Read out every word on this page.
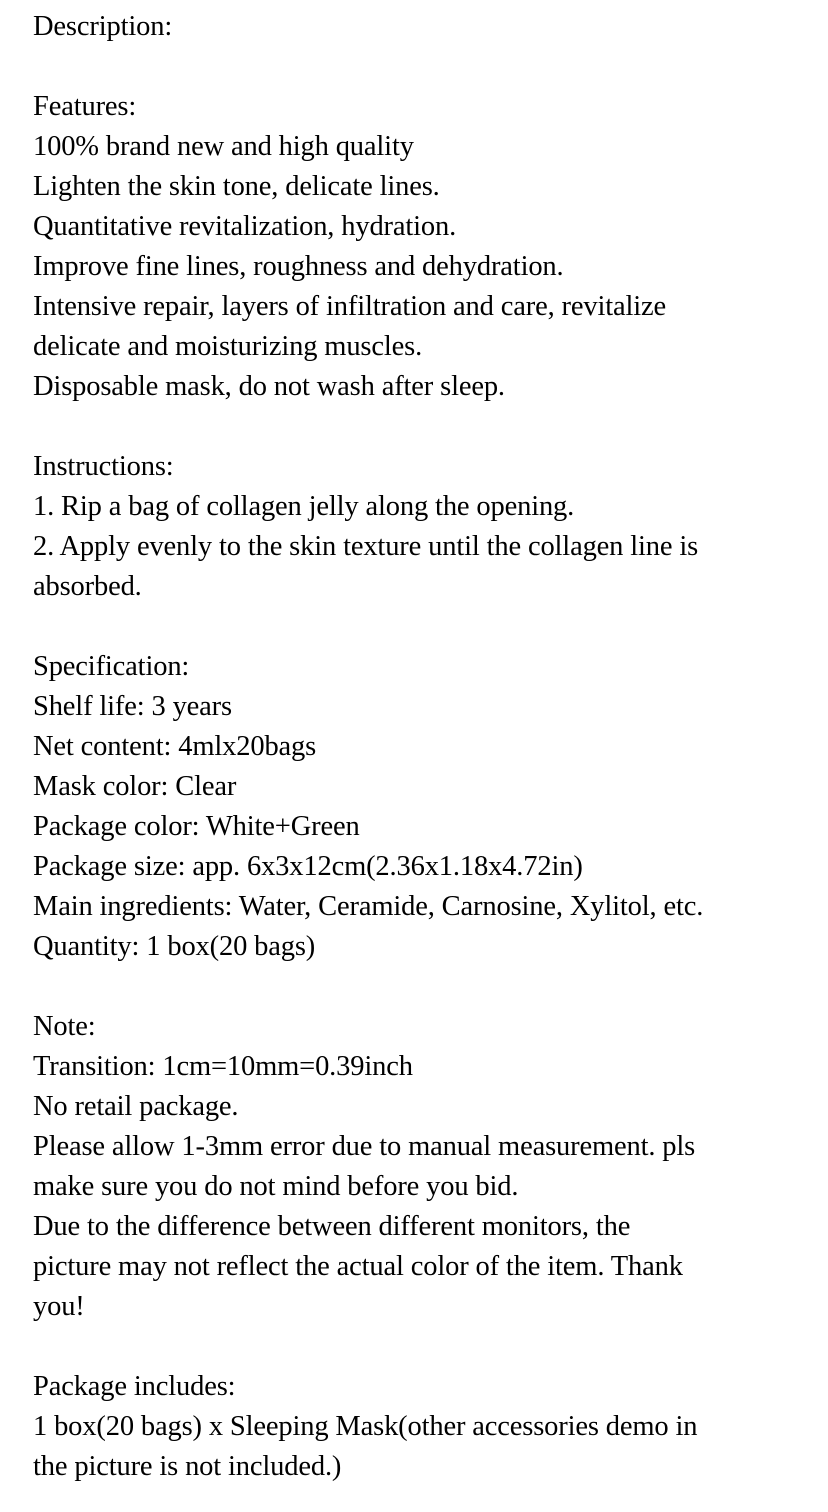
Description:
Features:
100% brand new and high quality
Lighten the skin tone, delicate lines.
Quantitative revitalization, hydration.
Improve fine lines, roughness and dehydration.
Intensive repair, layers of infiltration and care, revitalize
delicate and moisturizing muscles.
Disposable mask, do not wash after sleep.
Instructions:
1. Rip a bag of collagen jelly along the opening.
2. Apply evenly to the skin texture until the collagen line is
absorbed.
Specification:
Shelf life: 3 years
Net content: 4mlx20bags
Mask color: Clear
Package color: White+Green
Package size: app. 6x3x12cm(2.36x1.18x4.72in)
Main ingredients: Water, Ceramide, Carnosine, Xylitol, etc.
Quantity: 1 box(20 bags)
Note:
Transition: 1cm=10mm=0.39inch
No retail package.
Please allow 1-3mm error due to manual measurement. pls
make sure you do not mind before you bid.
Due to the difference between different monitors, the
picture may not reflect the actual color of the item. Thank
you!
Package includes:
1 box(20 bags) x Sleeping Mask(other accessories demo in
the picture is not included.)
